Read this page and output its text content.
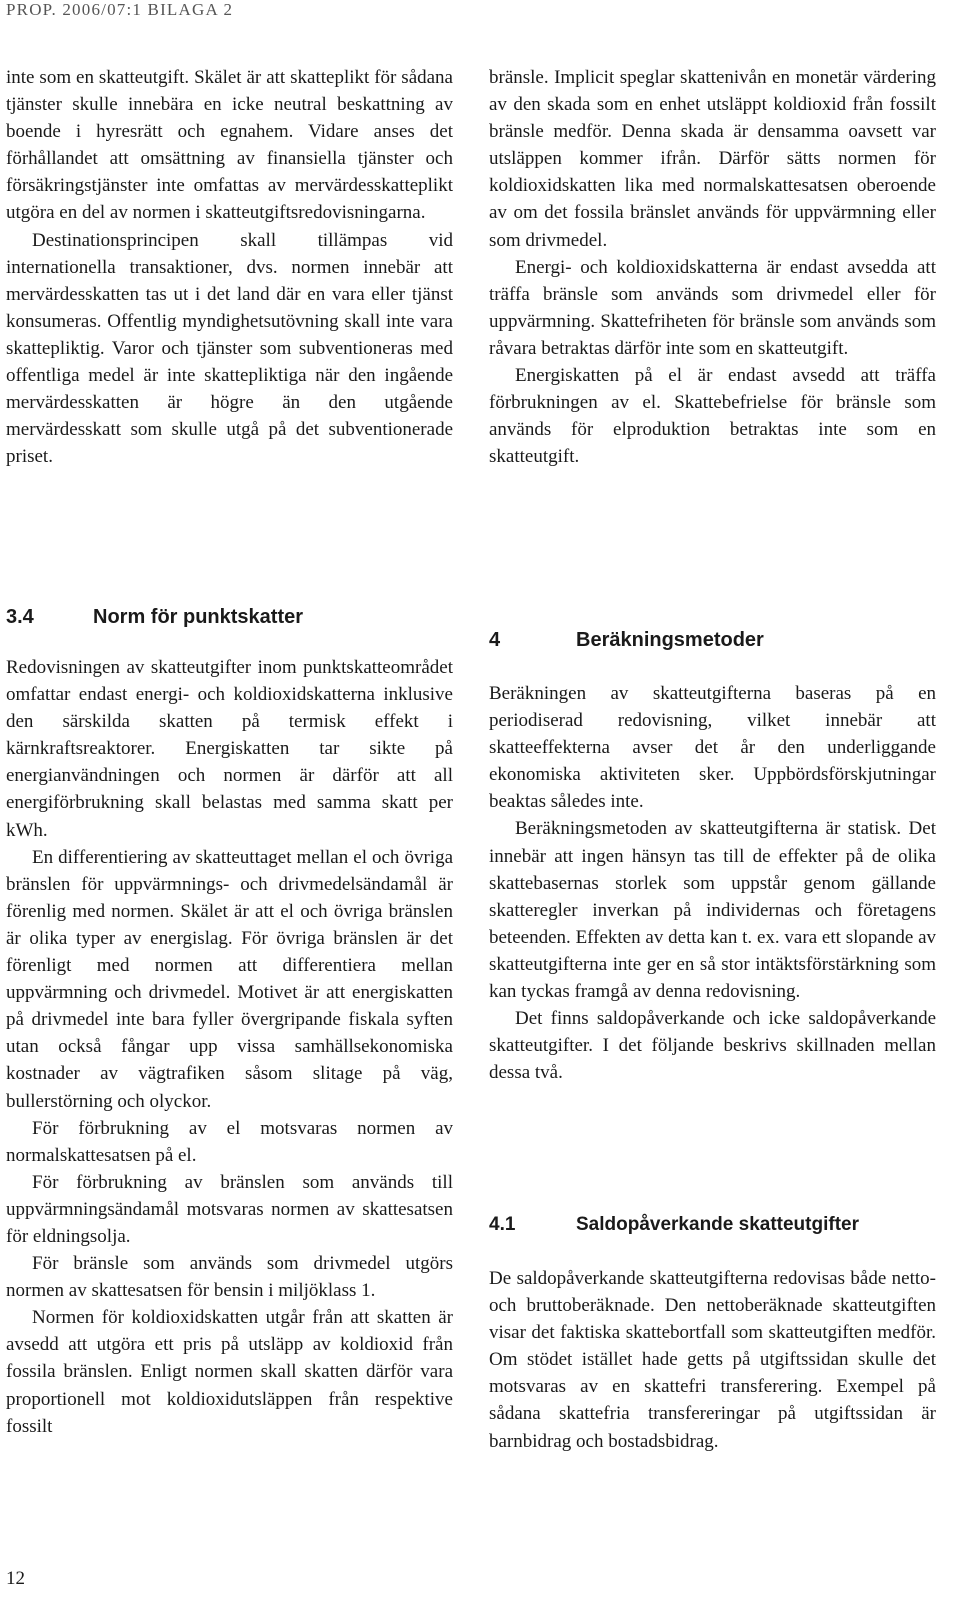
PROP. 2006/07:1 BILAGA 2

inte som en skatteutgift. Skälet är att skatteplikt för sådana tjänster skulle innebära en icke neutral beskattning av boende i hyresrätt och egnahem. Vidare anses det förhållandet att omsättning av finansiella tjänster och försäkringstjänster inte omfattas av mervärdesskatteplikt utgöra en del av normen i skatteutgiftsredovisningarna.

Destinationsprincipen skall tillämpas vid internationella transaktioner, dvs. normen innebär att mervärdesskatten tas ut i det land där en vara eller tjänst konsumeras. Offentlig myndighetsutövning skall inte vara skattepliktig. Varor och tjänster som subventioneras med offentliga medel är inte skattepliktiga när den ingående mervärdesskatten är högre än den utgående mervärdesskatt som skulle utgå på det subventionerade priset.

bränsle. Implicit speglar skattenivån en monetär värdering av den skada som en enhet utsläppt koldioxid från fossilt bränsle medför. Denna skada är densamma oavsett var utsläppen kommer ifrån. Därför sätts normen för koldioxidskatten lika med normalskattesatsen oberoende av om det fossila bränslet används för uppvärmning eller som drivmedel.

Energi- och koldioxidskatterna är endast avsedda att träffa bränsle som används som drivmedel eller för uppvärmning. Skattefriheten för bränsle som används som råvara betraktas därför inte som en skatteutgift.

Energiskatten på el är endast avsedd att träffa förbrukningen av el. Skattebefrielse för bränsle som används för elproduktion betraktas inte som en skatteutgift.

3.4	Norm för punktskatter

Redovisningen av skatteutgifter inom punktskatteområdet omfattar endast energi- och koldioxidskatterna inklusive den särskilda skatten på termisk effekt i kärnkraftsreaktorer. Energiskatten tar sikte på energianvändningen och normen är därför att all energiförbrukning skall belastas med samma skatt per kWh.

En differentiering av skatteuttaget mellan el och övriga bränslen för uppvärmnings- och drivmedelsändamål är förenlig med normen. Skälet är att el och övriga bränslen är olika typer av energislag. För övriga bränslen är det förenligt med normen att differentiera mellan uppvärmning och drivmedel. Motivet är att energiskatten på drivmedel inte bara fyller övergripande fiskala syften utan också fångar upp vissa samhällsekonomiska kostnader av vägtrafiken såsom slitage på väg, bullerstörning och olyckor.

För förbrukning av el motsvaras normen av normalskattesatsen på el.

För förbrukning av bränslen som används till uppvärmningsändamål motsvaras normen av skattesatsen för eldningsolja.

För bränsle som används som drivmedel utgörs normen av skattesatsen för bensin i miljöklass 1.

Normen för koldioxidskatten utgår från att skatten är avsedd att utgöra ett pris på utsläpp av koldioxid från fossila bränslen. Enligt normen skall skatten därför vara proportionell mot koldioxidutsläppen från respektive fossilt

4	Beräkningsmetoder

Beräkningen av skatteutgifterna baseras på en periodiserad redovisning, vilket innebär att skatteeffekterna avser det år den underliggande ekonomiska aktiviteten sker. Uppbördsförskjutningar beaktas således inte.

Beräkningsmetoden av skatteutgifterna är statisk. Det innebär att ingen hänsyn tas till de effekter på de olika skattebasernas storlek som uppstår genom gällande skatteregler inverkan på individernas och företagens beteenden. Effekten av detta kan t. ex. vara ett slopande av skatteutgifterna inte ger en så stor intäktsförstärkning som kan tyckas framgå av denna redovisning.

Det finns saldopåverkande och icke saldopåverkande skatteutgifter. I det följande beskrivs skillnaden mellan dessa två.

4.1	Saldopåverkande skatteutgifter

De saldopåverkande skatteutgifterna redovisas både netto- och bruttoberäknade. Den nettoberäknade skatteutgiften visar det faktiska skattebortfall som skatteutgiften medför. Om stödet istället hade getts på utgiftssidan skulle det motsvaras av en skattefri transferering. Exempel på sådana skattefria transfereringar på utgiftssidan är barnbidrag och bostadsbidrag.

12
